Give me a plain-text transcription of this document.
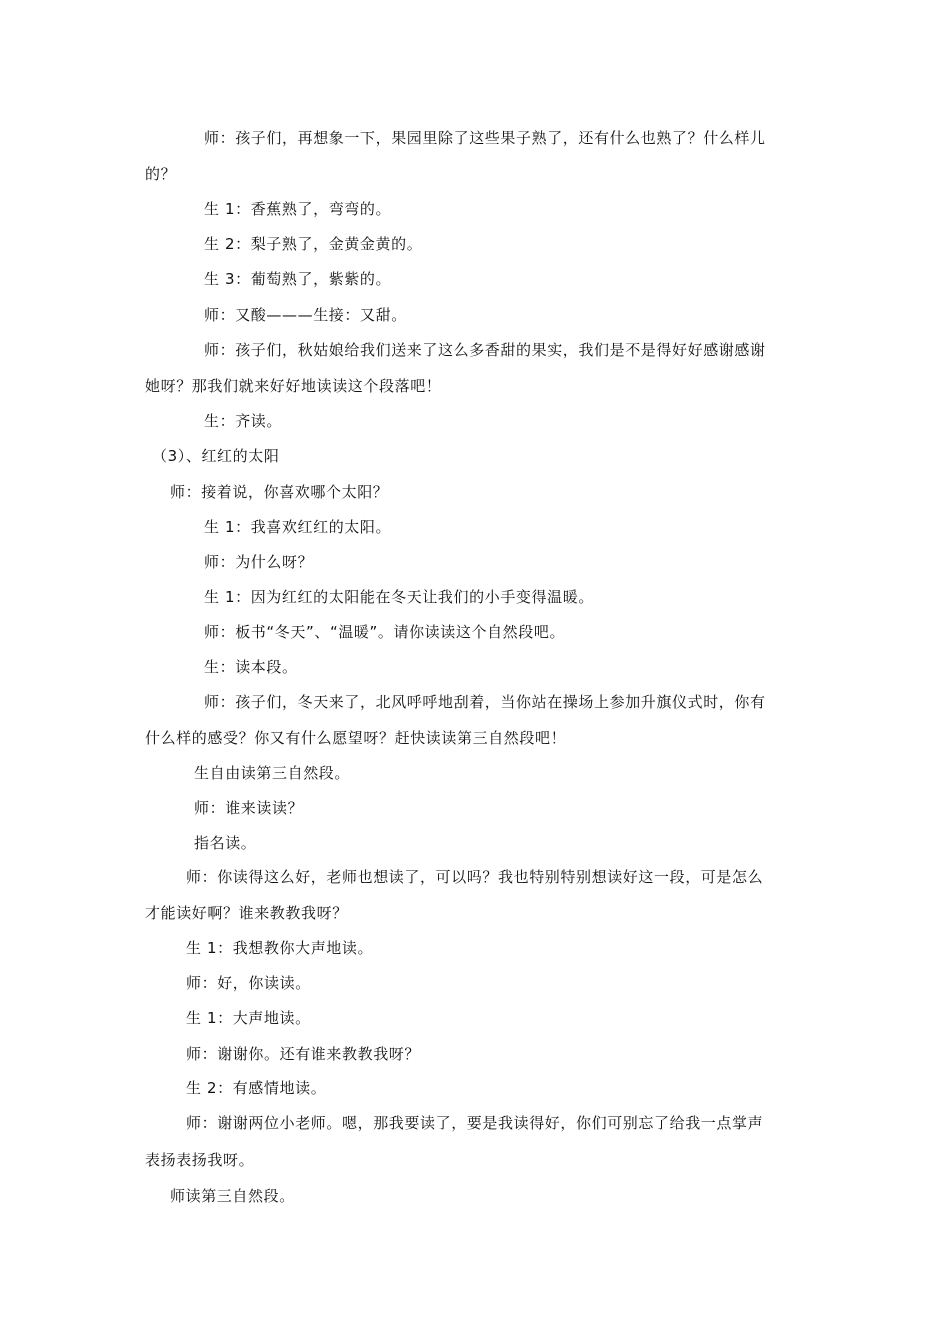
师：孩子们，再想象一下，果园里除了这些果子熟了，还有什么也熟了？什么样儿
的？
生 1：香蕉熟了，弯弯的。
生 2：梨子熟了，金黄金黄的。
生 3：葡萄熟了，紫紫的。
师：又酸———生接：又甜。
师：孩子们，秋姑娘给我们送来了这么多香甜的果实，我们是不是得好好感谢感谢
她呀？那我们就来好好地读读这个段落吧！
生：齐读。
（3）、红红的太阳
师：接着说，你喜欢哪个太阳？
生 1：我喜欢红红的太阳。
师：为什么呀？
生 1：因为红红的太阳能在冬天让我们的小手变得温暖。
师：板书“冬天”、“温暖”。请你读读这个自然段吧。
生：读本段。
师：孩子们，冬天来了，北风呼呼地刮着，当你站在操场上参加升旗仪式时，你有
什么样的感受？你又有什么愿望呀？赶快读读第三自然段吧！
生自由读第三自然段。
师：谁来读读？
指名读。
师：你读得这么好，老师也想读了，可以吗？我也特别特别想读好这一段，可是怎么
才能读好啊？谁来教教我呀？
生 1：我想教你大声地读。
师：好，你读读。
生 1：大声地读。
师：谢谢你。还有谁来教教我呀？
生 2：有感情地读。
师：谢谢两位小老师。嗯，那我要读了，要是我读得好，你们可别忘了给我一点掌声
表扬表扬我呀。
师读第三自然段。
